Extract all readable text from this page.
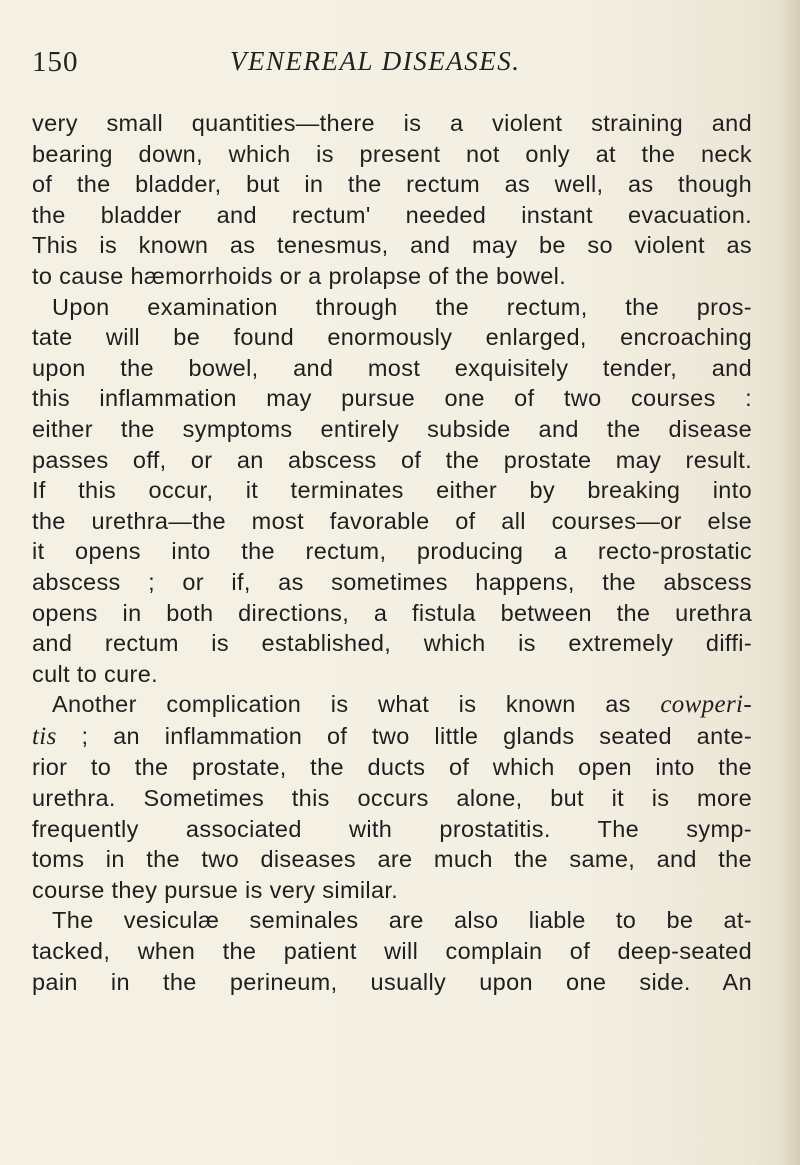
150	VENEREAL DISEASES.
very small quantities—there is a violent straining and
bearing down, which is present not only at the neck
of the bladder, but in the rectum as well, as though
the bladder and rectum' needed instant evacuation.
This is known as tenesmus, and may be so violent as
to cause hæmorrhoids or a prolapse of the bowel.
Upon examination through the rectum, the pros-
tate will be found enormously enlarged, encroaching
upon the bowel, and most exquisitely tender, and
this inflammation may pursue one of two courses :
either the symptoms entirely subside and the disease
passes off, or an abscess of the prostate may result.
If this occur, it terminates either by breaking into
the urethra—the most favorable of all courses—or else
it opens into the rectum, producing a recto-prostatic
abscess ; or if, as sometimes happens, the abscess
opens in both directions, a fistula between the urethra
and rectum is established, which is extremely diffi-
cult to cure.
Another complication is what is known as cowperi-
tis ; an inflammation of two little glands seated ante-
rior to the prostate, the ducts of which open into the
urethra. Sometimes this occurs alone, but it is more
frequently associated with prostatitis. The symp-
toms in the two diseases are much the same, and the
course they pursue is very similar.
The vesiculæ seminales are also liable to be at-
tacked, when the patient will complain of deep-seated
pain in the perineum, usually upon one side. An
